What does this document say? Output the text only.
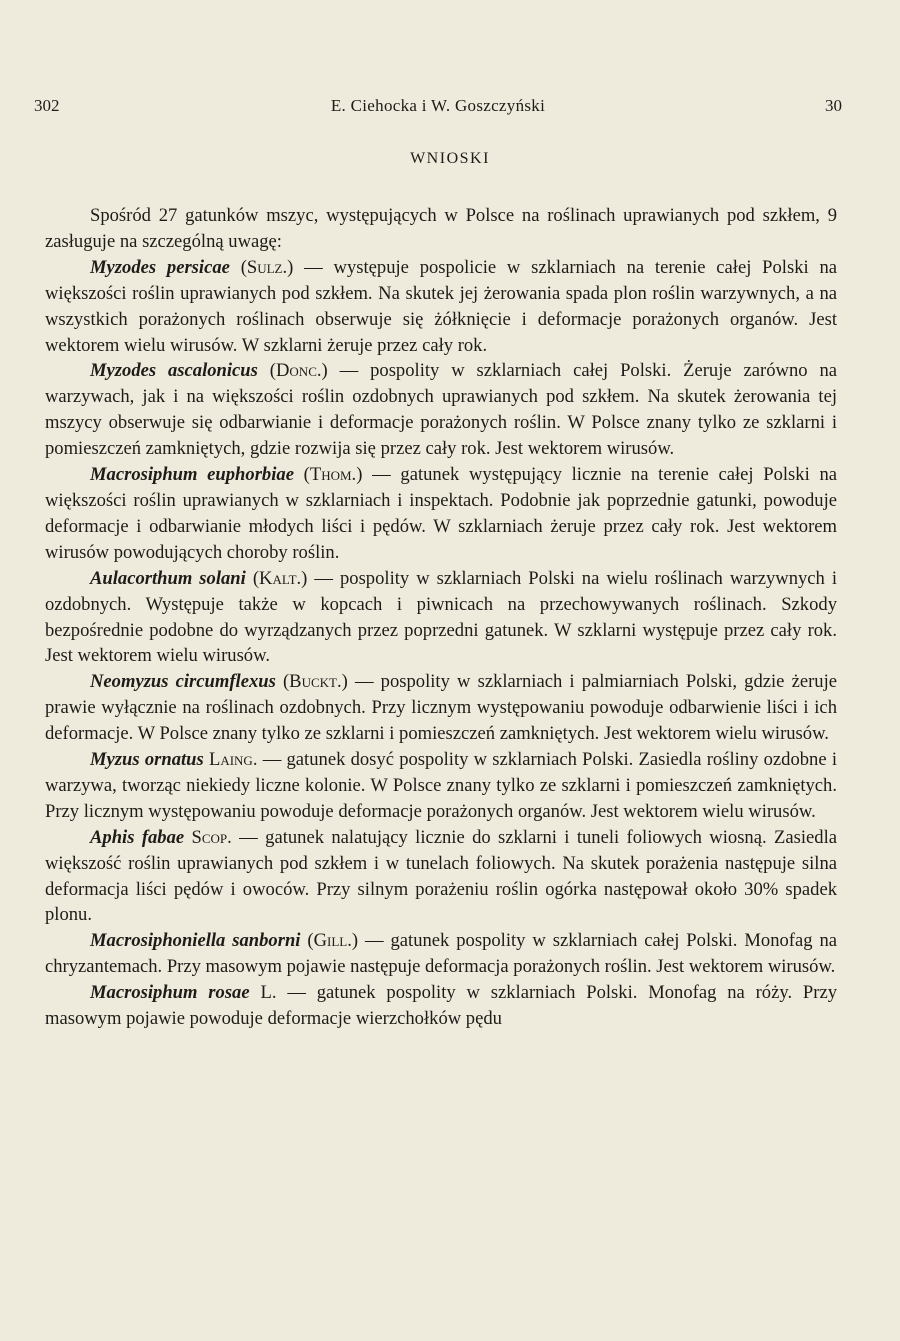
302	E. Ciehocka i W. Goszczyński	30
WNIOSKI

Spośród 27 gatunków mszyc, występujących w Polsce na roślinach uprawianych pod szkłem, 9 zasługuje na szczególną uwagę:

Myzodes persicae (Sulz.) — występuje pospolicie w szklarniach na terenie całej Polski na większości roślin uprawianych pod szkłem. Na skutek jej żerowania spada plon roślin warzywnych, a na wszystkich porażonych roślinach obserwuje się żółknięcie i deformacje porażonych organów. Jest wektorem wielu wirusów. W szklarni żeruje przez cały rok.

Myzodes ascalonicus (Donc.) — pospolity w szklarniach całej Polski. Żeruje zarówno na warzywach, jak i na większości roślin ozdobnych uprawianych pod szkłem. Na skutek żerowania tej mszycy obserwuje się odbarwianie i deformacje porażonych roślin. W Polsce znany tylko ze szklarni i pomieszczeń zamkniętych, gdzie rozwija się przez cały rok. Jest wektorem wirusów.

Macrosiphum euphorbiae (Thom.) — gatunek występujący licznie na terenie całej Polski na większości roślin uprawianych w szklarniach i inspektach. Podobnie jak poprzednie gatunki, powoduje deformacje i odbarwianie młodych liści i pędów. W szklarniach żeruje przez cały rok. Jest wektorem wirusów powodujących choroby roślin.

Aulacorthum solani (Kalt.) — pospolity w szklarniach Polski na wielu roślinach warzywnych i ozdobnych. Występuje także w kopcach i piwnicach na przechowywanych roślinach. Szkody bezpośrednie podobne do wyrządzanych przez poprzedni gatunek. W szklarni występuje przez cały rok. Jest wektorem wielu wirusów.

Neomyzus circumflexus (Buckt.) — pospolity w szklarniach i palmiarniach Polski, gdzie żeruje prawie wyłącznie na roślinach ozdobnych. Przy licznym występowaniu powoduje odbarwienie liści i ich deformacje. W Polsce znany tylko ze szklarni i pomieszczeń zamkniętych. Jest wektorem wielu wirusów.

Myzus ornatus Laing. — gatunek dosyć pospolity w szklarniach Polski. Zasiedla rośliny ozdobne i warzywa, tworząc niekiedy liczne kolonie. W Polsce znany tylko ze szklarni i pomieszczeń zamkniętych. Przy licznym występowaniu powoduje deformacje porażonych organów. Jest wektorem wielu wirusów.

Aphis fabae Scop. — gatunek nalatujący licznie do szklarni i tuneli foliowych wiosną. Zasiedla większość roślin uprawianych pod szkłem i w tunelach foliowych. Na skutek porażenia następuje silna deformacja liści pędów i owoców. Przy silnym porażeniu roślin ogórka następował około 30% spadek plonu.

Macrosiphoniella sanborni (Gill.) — gatunek pospolity w szklarniach całej Polski. Monofag na chryzantemach. Przy masowym pojawie następuje deformacja porażonych roślin. Jest wektorem wirusów.

Macrosiphum rosae L. — gatunek pospolity w szklarniach Polski. Monofag na róży. Przy masowym pojawie powoduje deformacje wierzchołków pędu
